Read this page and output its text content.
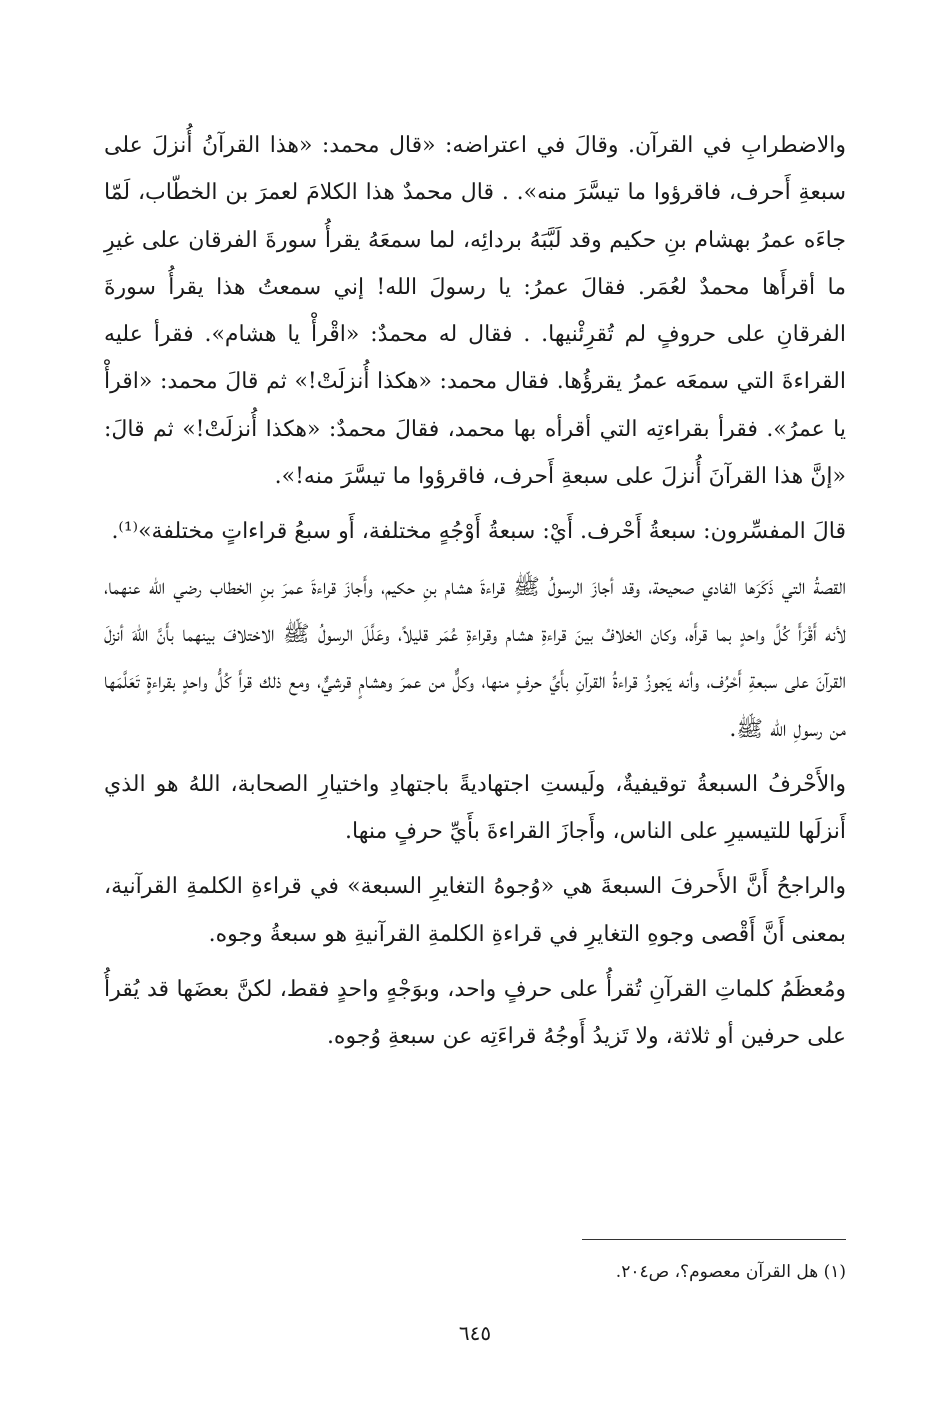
والاضطرابِ في القرآن. وقالَ في اعتراضه: «قال محمد: «هذا القرآنُ أُنزلَ على سبعةِ أَحرف، فاقرؤوا ما تيسَّرَ منه». . قال محمدٌ هذا الكلامَ لعمرَ بن الخطّاب، لَمّا جاءَه عمرُ بهشام بنِ حكيم وقد لَبَّبَهُ بردائِه، لما سمعَهُ يقرأُ سورةَ الفرقان على غيرِ ما أقرأَها محمدٌ لعُمَر. فقالَ عمرُ: يا رسولَ الله! إني سمعتُ هذا يقرأُ سورةَ الفرقانِ على حروفٍ لم تُقرِئْنيها. . فقال له محمدٌ: «اقْرأْ يا هشام». فقرأ عليه القراءةَ التي سمعَه عمرُ يقرؤُها. فقال محمد: «هكذا أُنزلَتْ!» ثم قالَ محمد: «اقرأْ يا عمرُ». فقرأ بقراءتِه التي أقرأه بها محمد، فقالَ محمدٌ: «هكذا أُنزلَتْ!» ثم قالَ: «إنَّ هذا القرآنَ أُنزلَ على سبعةِ أَحرف، فاقرؤوا ما تيسَّرَ منه!».

قالَ المفسِّرون: سبعةُ أَحْرف. أَيْ: سبعةُ أَوْجُهٍ مختلفة، أَو سبعُ قراءاتٍ مختلفة»⁽¹⁾.

القصةُ التي ذَكَرَها الفادي صحيحة، وقد أجازَ الرسولُ ﷺ قراءةَ هشام بنِ حكيم، وأَجازَ قراءةَ عمرَ بنِ الخطاب رضي الله عنهما، لأنه أَقْرَأَ كُلَّ واحدٍ بما قرأَه، وكان الخلافُ بينَ قراءةِ هشام وقراءةِ عُمَر قليلاً، وعَلَّلَ الرسولُ ﷺ الاختلافَ بينهما بأَنَّ اللهَ أنزلَ القرآنَ على سبعةِ أَحْرُف، وأنه يَجوزُ قراءةُ القرآنِ بأَيِّ حرفٍ منها، وكلٌّ من عمرَ وهشامٍ قرشيٌّ، ومع ذلك قرأَ كُلُّ واحدٍ بقراءةٍ تَعَلَّمَها من رسولِ الله ﷺ.

والأَحْرفُ السبعةُ توقيفيةٌ، ولَيستِ اجتهاديةً باجتهادِ واختيارِ الصحابة، اللهُ هو الذي أَنزلَها للتيسيرِ على الناس، وأَجازَ القراءةَ بأَيِّ حرفٍ منها.

والراجحُ أَنَّ الأَحرفَ السبعةَ هي «وُجوهُ التغايرِ السبعة» في قراءةِ الكلمةِ القرآنية، بمعنى أَنَّ أَقْصى وجوهِ التغايرِ في قراءةِ الكلمةِ القرآنيةِ هو سبعةُ وجوه.

ومُعظَمُ كلماتِ القرآنِ تُقرأُ على حرفٍ واحد، وبوَجْهٍ واحدٍ فقط، لكنَّ بعضَها قد يُقرأُ على حرفين أو ثلاثة، ولا تَزيدُ أَوجُهُ قراءَتِه عن سبعةِ وُجوه.

(١) هل القرآن معصوم؟، ص٢٠٤.
٦٤٥
